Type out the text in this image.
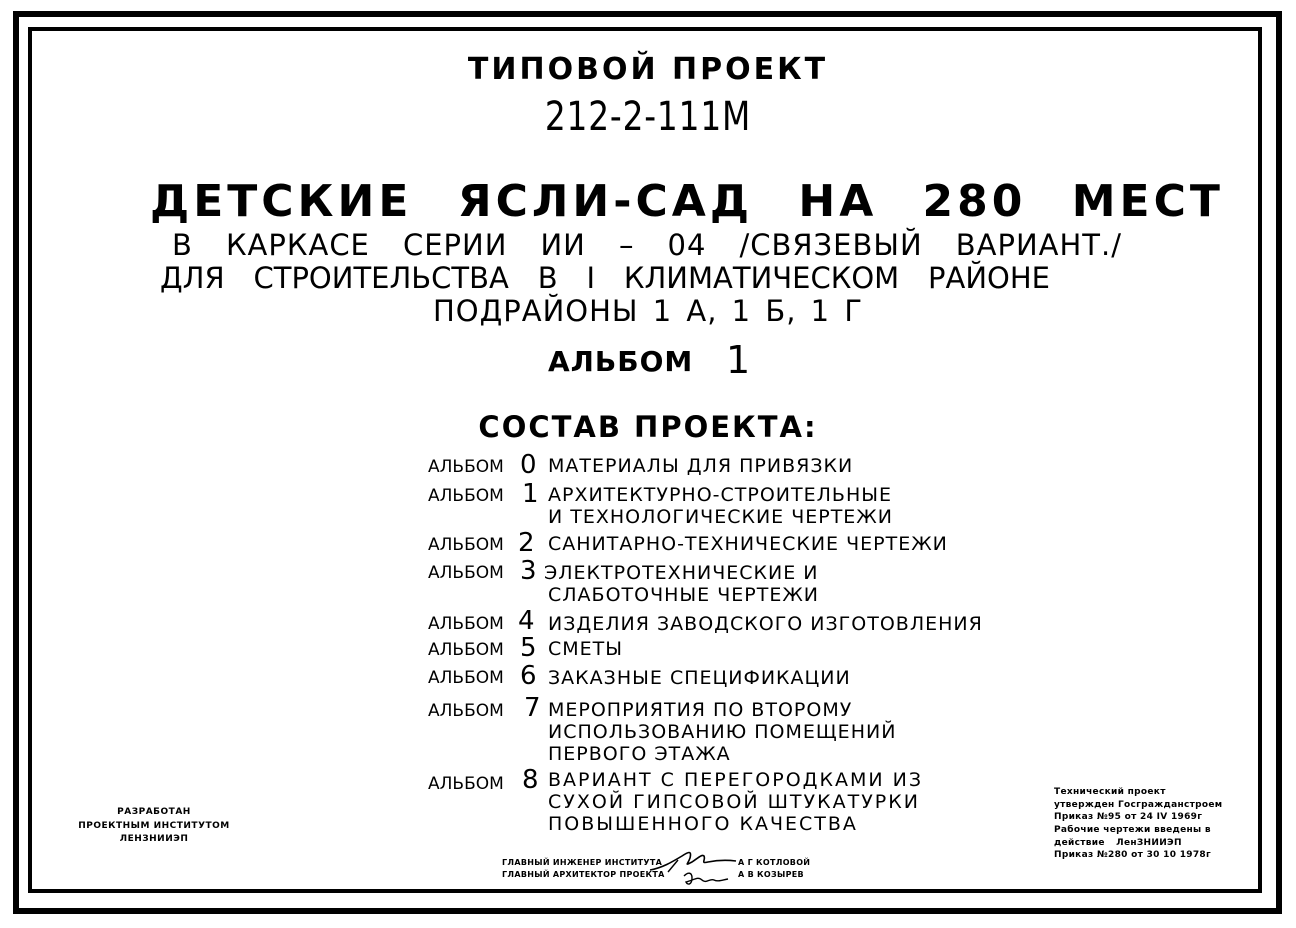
ТИПОВОЙ ПРОЕКТ
212-2-111М
ДЕТСКИЕ ЯСЛИ-САД НА 280 МЕСТ
В КАРКАСЕ СЕРИИ ИИ – 04 /СВЯЗЕВЫЙ ВАРИАНТ./
ДЛЯ СТРОИТЕЛЬСТВА В I КЛИМАТИЧЕСКОМ РАЙОНЕ
ПОДРАЙОНЫ 1 А, 1 Б, 1 Г
АЛЬБОМ 1
СОСТАВ ПРОЕКТА:
АЛЬБОМ 0 МАТЕРИАЛЫ ДЛЯ ПРИВЯЗКИ
АЛЬБОМ 1 АРХИТЕКТУРНО-СТРОИТЕЛЬНЫЕ
И ТЕХНОЛОГИЧЕСКИЕ ЧЕРТЕЖИ
АЛЬБОМ 2 САНИТАРНО-ТЕХНИЧЕСКИЕ ЧЕРТЕЖИ
АЛЬБОМ 3 ЭЛЕКТРОТЕХНИЧЕСКИЕ И
СЛАБОТОЧНЫЕ ЧЕРТЕЖИ
АЛЬБОМ 4 ИЗДЕЛИЯ ЗАВОДСКОГО ИЗГОТОВЛЕНИЯ
АЛЬБОМ 5 СМЕТЫ
АЛЬБОМ 6 ЗАКАЗНЫЕ СПЕЦИФИКАЦИИ
АЛЬБОМ 7 МЕРОПРИЯТИЯ ПО ВТОРОМУ
ИСПОЛЬЗОВАНИЮ ПОМЕЩЕНИЙ
ПЕРВОГО ЭТАЖА
АЛЬБОМ 8 ВАРИАНТ С ПЕРЕГОРОДКАМИ ИЗ
СУХОЙ ГИПСОВОЙ ШТУКАТУРКИ
ПОВЫШЕННОГО КАЧЕСТВА
РАЗРАБОТАН
ПРОЕКТНЫМ ИНСТИТУТОМ
ЛЕНЗНИИЭП
Технический проект
утвержден Госгражданстроем
Приказ №95 от 24 IV 1969г
Рабочие чертежи введены в
действие ЛенЗНИИЭП
Приказ №280 от 30 10 1978г
ГЛАВНЫЙ ИНЖЕНЕР ИНСТИТУТА	А Г КОТЛОВОЙ
ГЛАВНЫЙ АРХИТЕКТОР ПРОЕКТА	А В КОЗЫРЕВ
